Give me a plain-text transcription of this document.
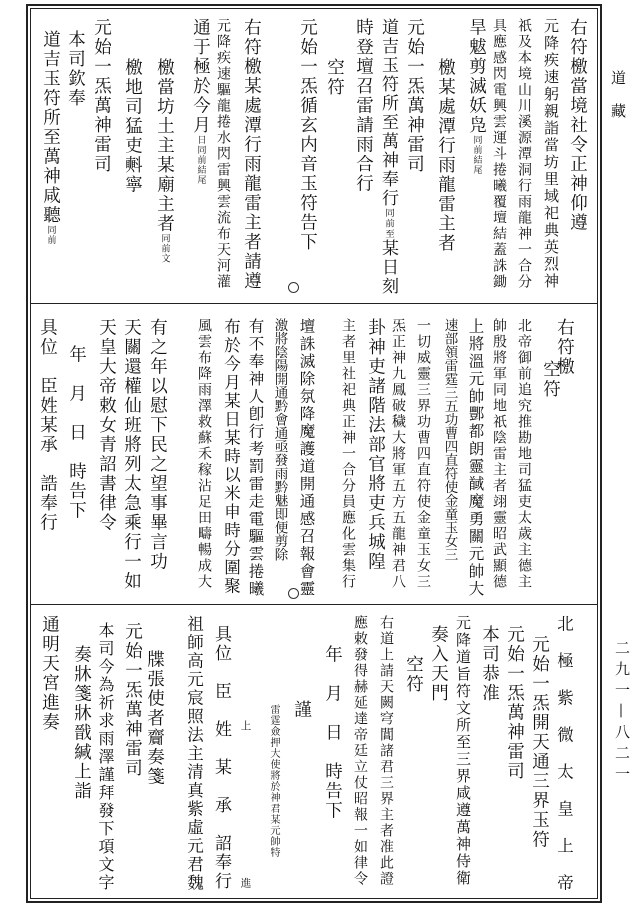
道藏
二九一—八二一
右符檄當境社令正神仰遵
元降疾速躬親詣當坊里域祀典英烈神
祇及本境山川溪源潭洞行雨龍神一合分
具應感閃電興雲運斗捲曦覆壇結蓋誅鋤
旱魃剪滅妖凫同前結尾
檄某處潭行雨龍雷主者
元始一炁萬神雷司
道吉玉符所至萬神奉行同前至某日刻
時登壇召雷請雨合行
空符
元始一炁循玄内音玉符告下
右符檄某處潭行雨龍雷主者請遵
元降疾速驅龍捲水閃雷興雲流布天河灌
通于極於今月日同前結尾
檄當坊土主某廟主者同前文
檄地司猛吏㪺寧
元始一炁萬神雷司
本司欽奉
道吉玉符所至萬神咸聽同前
右符檄
空符
北帝御前追究推勘地司猛吏太歲主德主
帥殷將軍同地祇陰雷主者翊靈昭武顯德
上將溫元帥酆都朗靈馘魔勇關元帥大
速部領雷霆三五功曹四直符使金童玉女三
一切威靈三界功曹四直符使金童玉女三
炁正神九鳳破穢大將軍五方五龍神君八
卦神吏諸階法部官將吏兵城隍
主者里社祀典正神一合分員應化雲集行
壇誅滅除氛降魔護道開通感召報會靈
激將陰陽開通黔會通亟發雨黔魅即便剪除
有不奉神人卽行考罰雷走電驅雲捲曦
布於今月某日某時以米申時分圍聚
風雲布降雨澤救蘇禾稼沾足田疇暢成大
有之年以慰下民之望事畢言功
天關還權仙班將列太急乘行一如
天皇大帝敕女青詔書律令
年　月　日　時告下
具位　臣姓某承　誥奉行
北　極　紫　微　太　皇　上　帝
元始一炁開天通三界玉符
元始一炁萬神雷司
本司恭准
元降道旨符文所至三界咸遵萬神侍衛
奏入天門
空符
右道上請天闕穹閶諸君三界主者准此證
應敕發得赫延達帝廷立仗昭報一如律令
年　月　日　時告下
謹
雷霆僉押大使將於神君某元帥特
上　　　　　　　　　　　　　　進
具位　臣　姓　某　承　詔奉行
祖師高元宸照法主清真紫虛元君魏
元始一炁萬神雷司 牒張使者齎奏箋
本司今為祈求雨澤謹拜發下項文字
奏牀箋牀戩緘上詣
通明天宮進奏
